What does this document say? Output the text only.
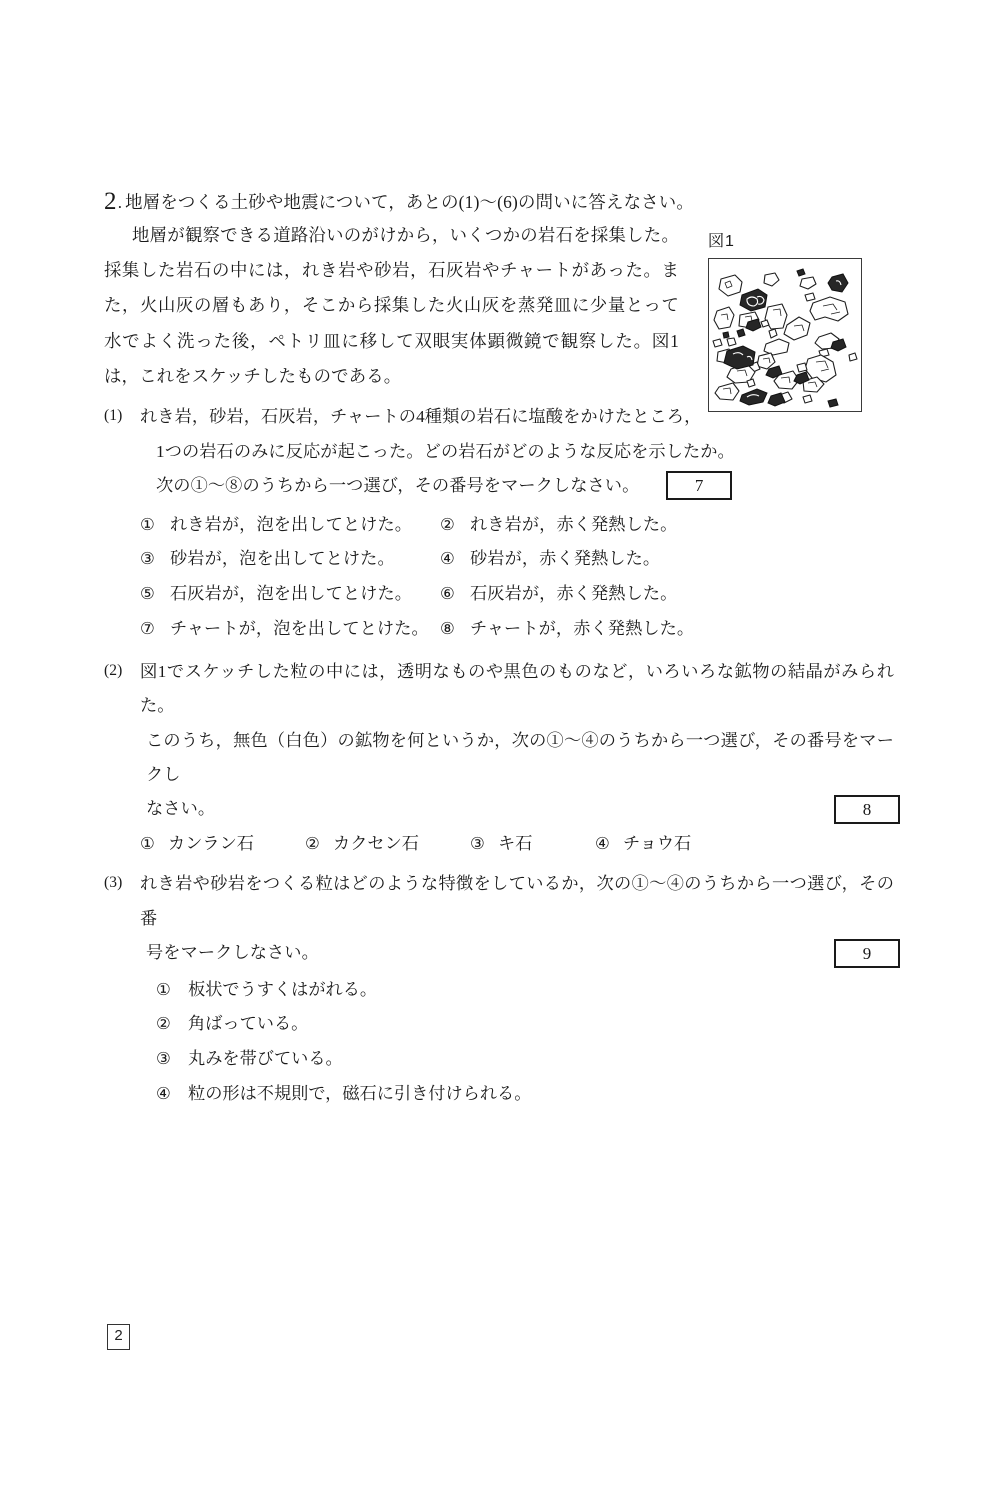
2 . 地層をつくる土砂や地震について，あとの(1)～(6)の問いに答えなさい。
地層が観察できる道路沿いのがけから，いくつかの岩石を採集した。採集した岩石の中には，れき岩や砂岩，石灰岩やチャートがあった。また，火山灰の層もあり，そこから採集した火山灰を蒸発皿に少量とって水でよく洗った後，ペトリ皿に移して双眼実体顕微鏡で観察した。図1は，これをスケッチしたものである。
(1)	れき岩，砂岩，石灰岩，チャートの4種類の岩石に塩酸をかけたところ，

1つの岩石のみに反応が起こった。どの岩石がどのような反応を示したか。

次の①～⑧のうちから一つ選び，その番号をマークしなさい。	7

① れき岩が，泡を出してとけた。 ② れき岩が，赤く発熱した。
③ 砂岩が，泡を出してとけた。	④ 砂岩が，赤く発熱した。
⑤ 石灰岩が，泡を出してとけた。 ⑥ 石灰岩が，赤く発熱した。
⑦ チャートが，泡を出してとけた。 ⑧ チャートが，赤く発熱した。
(2)	図1でスケッチした粒の中には，透明なものや黒色のものなど，いろいろな鉱物の結晶がみられた。

このうち，無色（白色）の鉱物を何というか，次の①～④のうちから一つ選び，その番号をマークし

なさい。	8

① カンラン石	② カクセン石	③ キ石	④ チョウ石
(3)	れき岩や砂岩をつくる粒はどのような特徴をしているか，次の①～④のうちから一つ選び，その番

号をマークしなさい。	9

①	板状でうすくはがれる。
②	角ばっている。
③	丸みを帯びている。
④	粒の形は不規則で，磁石に引き付けられる。
図1
2
